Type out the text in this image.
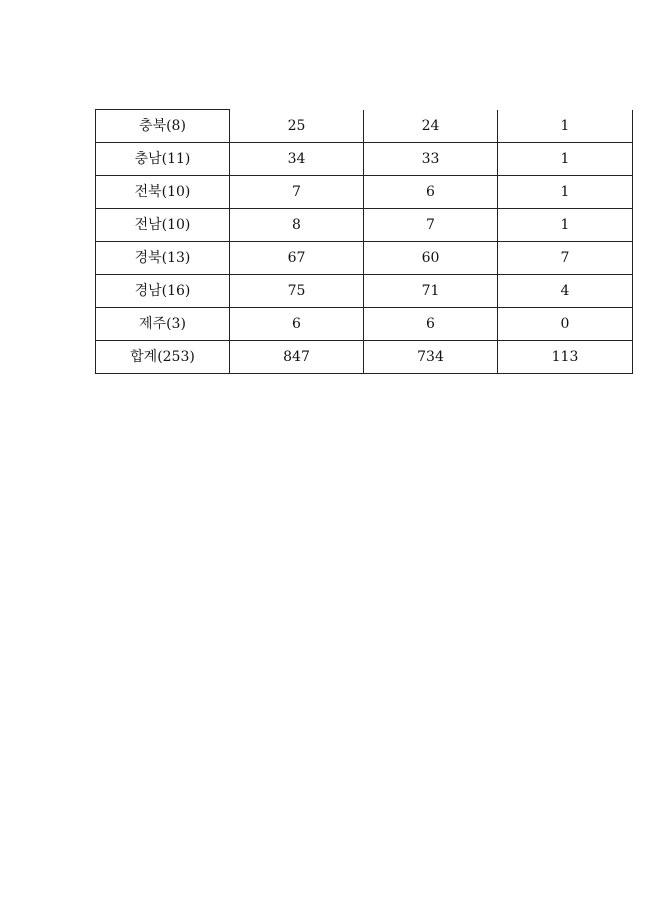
충북(8)	25	24	1
충남(11)	34	33	1
전북(10)	7	6	1
전남(10)	8	7	1
경북(13)	67	60	7
경남(16)	75	71	4
제주(3)	6	6	0
합계(253)	847	734	113
